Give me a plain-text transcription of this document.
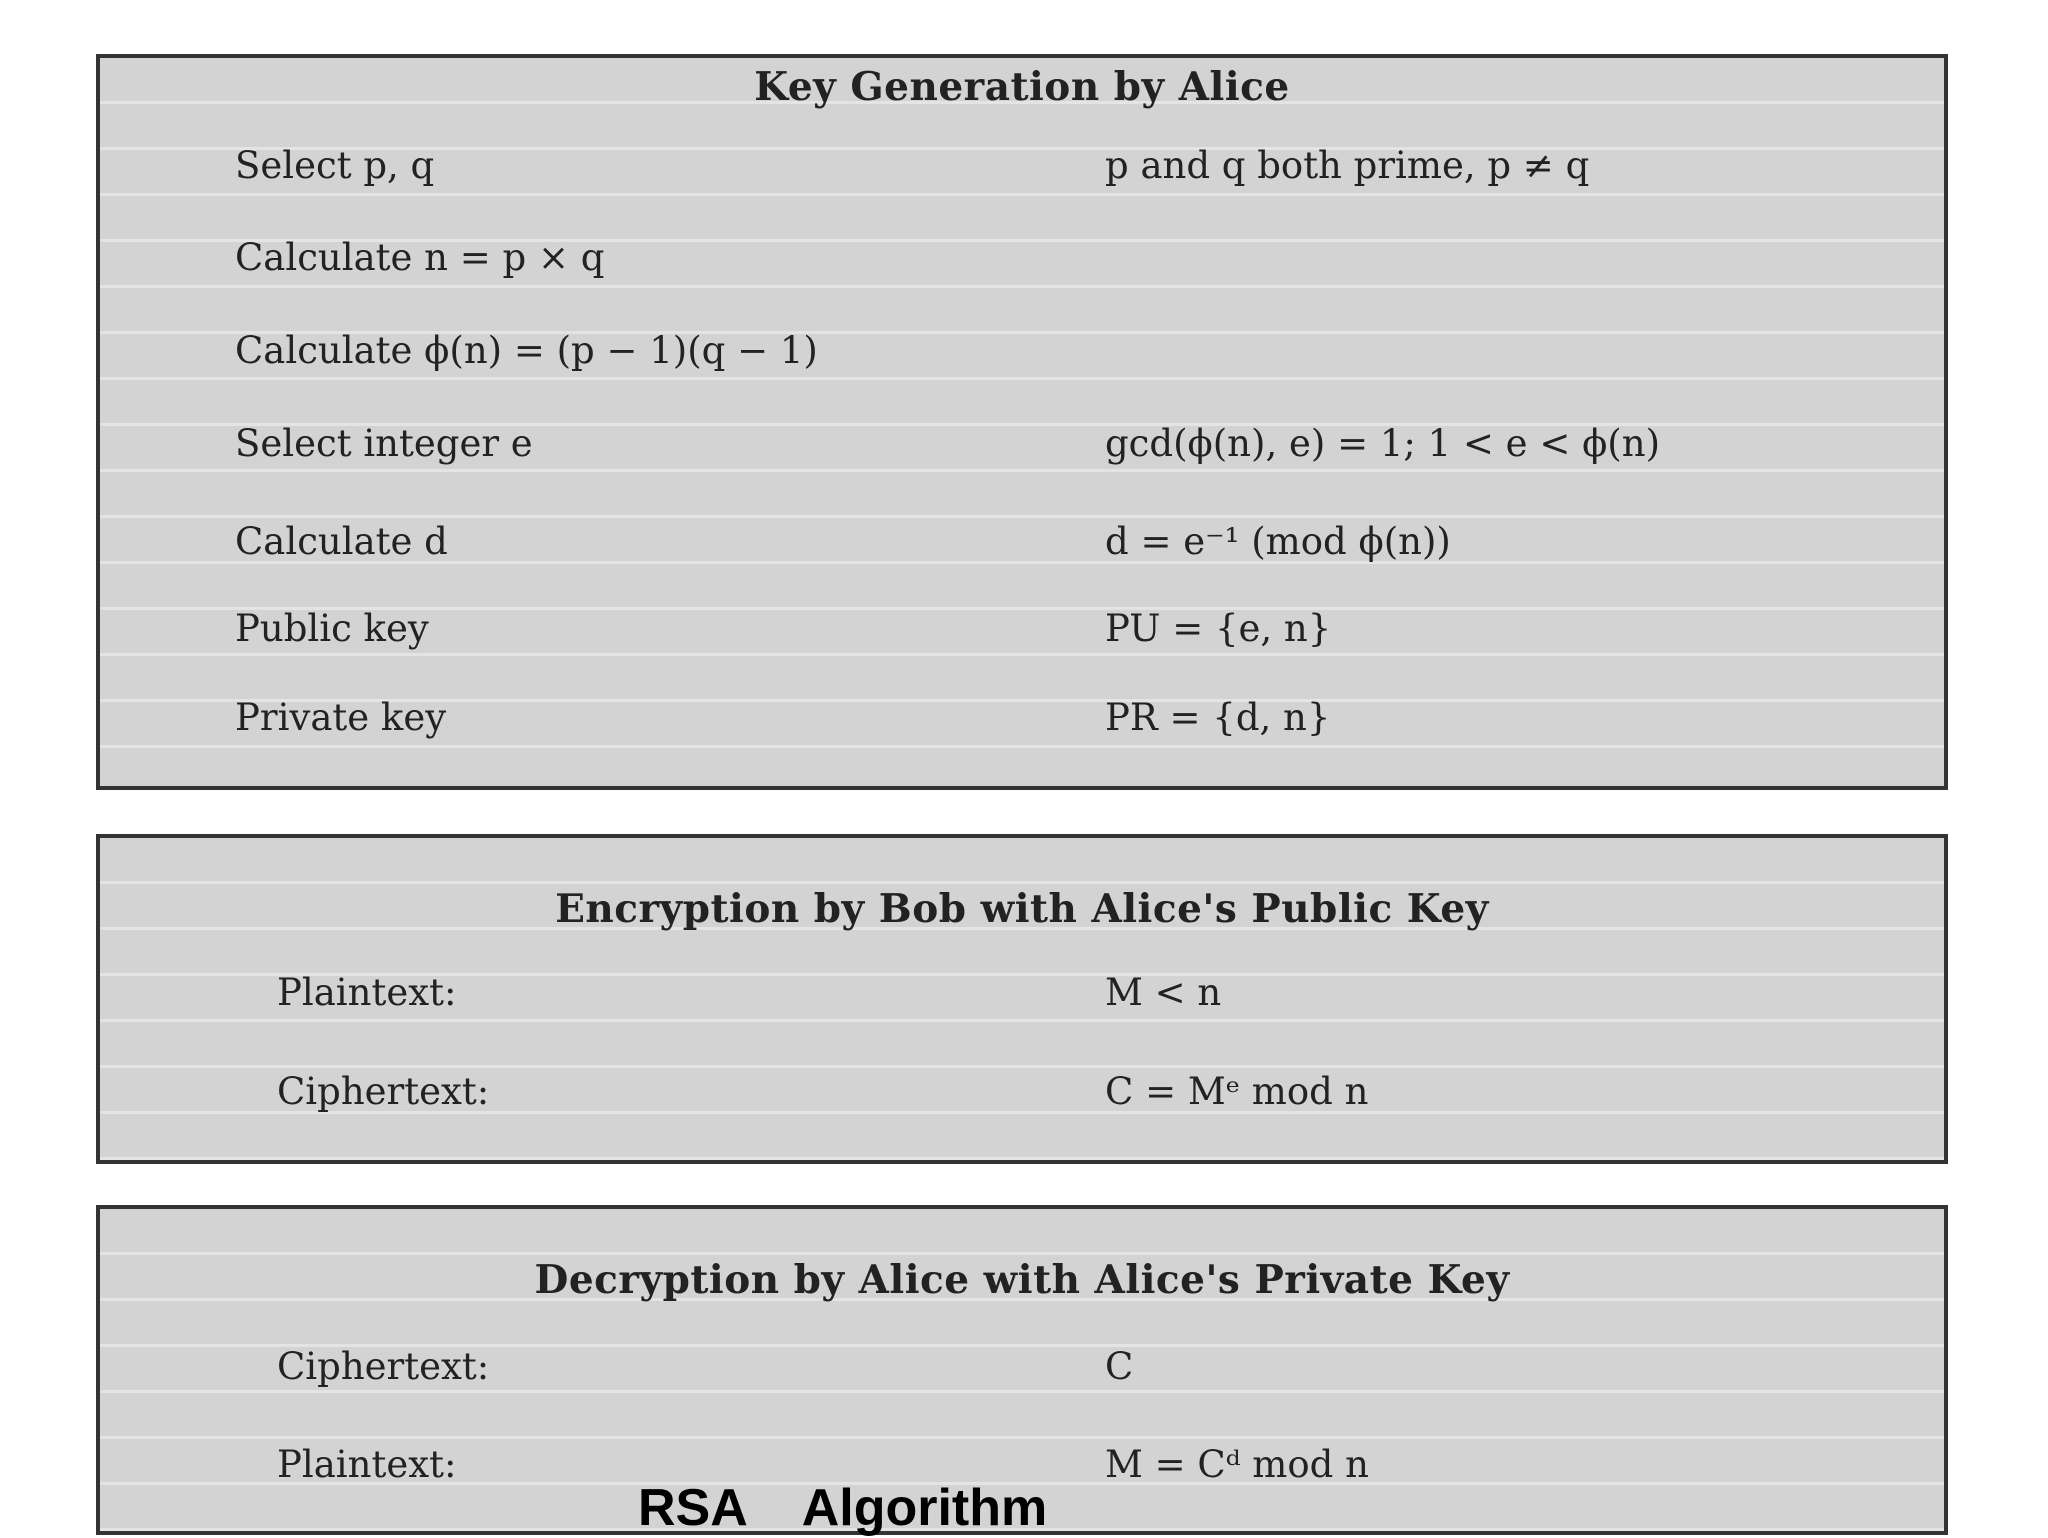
Key Generation by Alice
Select p, q	p and q both prime, p ≠ q
Calculate n = p × q
Calculate ϕ(n) = (p − 1)(q − 1)
Select integer e	gcd(ϕ(n), e) = 1; 1 < e < ϕ(n)
Calculate d	d = e⁻¹ (mod ϕ(n))
Public key	PU = {e, n}
Private key	PR = {d, n}
Encryption by Bob with Alice's Public Key
Plaintext:	M < n
Ciphertext:	C = Mᵉ mod n
Decryption by Alice with Alice's Private Key
Ciphertext:	C
Plaintext:	M = Cᵈ mod n
RSA    Algorithm
